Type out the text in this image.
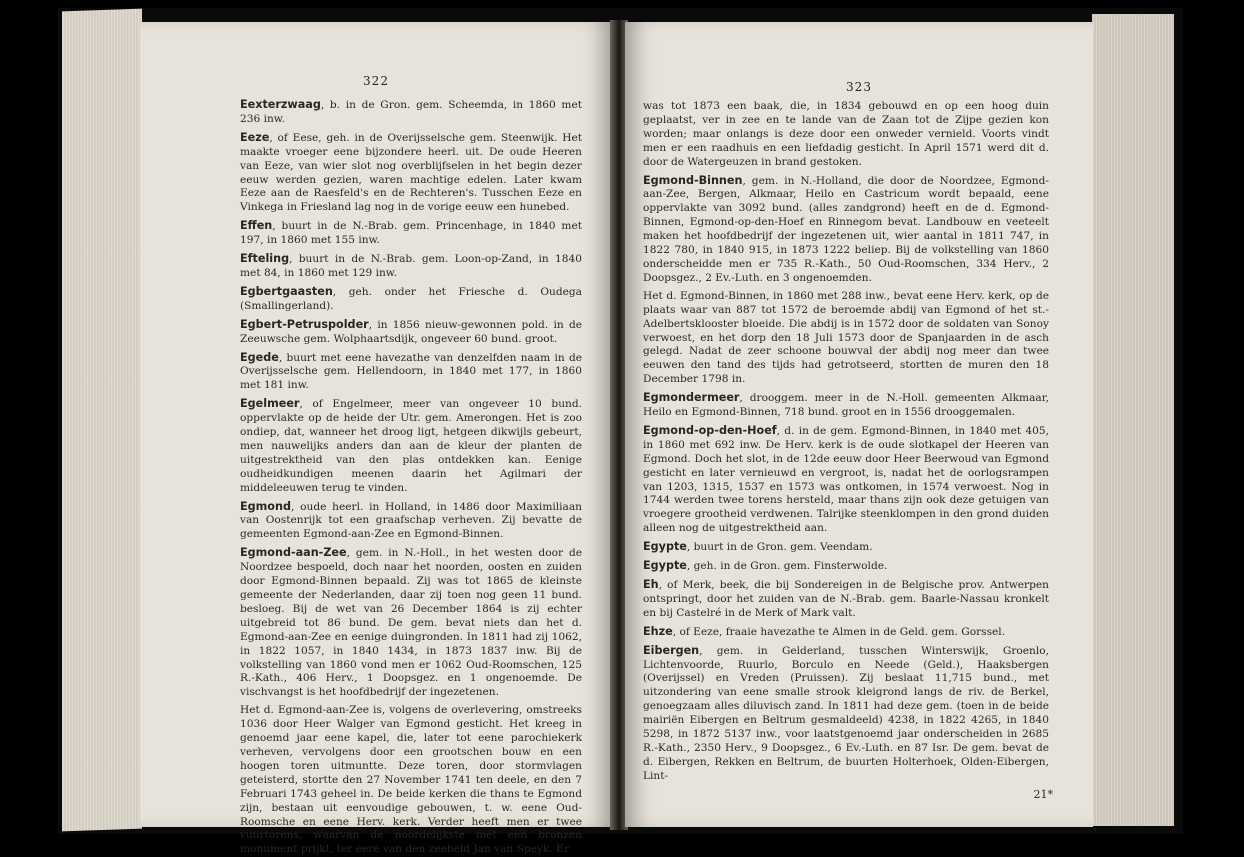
322

Eexterzwaag, b. in de Gron. gem. Scheemda, in 1860 met 236 inw.

Eeze, of Eese, geh. in de Overijsselsche gem. Steenwijk. Het maakte vroeger eene bijzondere heerl. uit. De oude Heeren van Eeze, van wier slot nog overblijfselen in het begin dezer eeuw werden gezien, waren machtige edelen. Later kwam Eeze aan de Raesfeld's en de Rechteren's. Tusschen Eeze en Vinkega in Friesland lag nog in de vorige eeuw een hunebed.

Effen, buurt in de N.-Brab. gem. Princenhage, in 1840 met 197, in 1860 met 155 inw.

Efteling, buurt in de N.-Brab. gem. Loon-op-Zand, in 1840 met 84, in 1860 met 129 inw.

Egbertgaasten, geh. onder het Friesche d. Oudega (Smallingerland).

Egbert-Petruspolder, in 1856 nieuw-gewonnen pold. in de Zeeuwsche gem. Wolphaartsdijk, ongeveer 60 bund. groot.

Egede, buurt met eene havezathe van denzelfden naam in de Overijsselsche gem. Hellendoorn, in 1840 met 177, in 1860 met 181 inw.

Egelmeer, of Engelmeer, meer van ongeveer 10 bund. oppervlakte op de heide der Utr. gem. Amerongen. Het is zoo ondiep, dat, wanneer het droog ligt, hetgeen dikwijls gebeurt, men nauwelijks anders dan aan de kleur der planten de uitgestrektheid van den plas ontdekken kan. Eenige oudheidkundigen meenen daarin het Agilmari der middeleeuwen terug te vinden.

Egmond, oude heerl. in Holland, in 1486 door Maximiliaan van Oostenrijk tot een graafschap verheven. Zij bevatte de gemeenten Egmond-aan-Zee en Egmond-Binnen.

Egmond-aan-Zee, gem. in N.-Holl., in het westen door de Noordzee bespoeld, doch naar het noorden, oosten en zuiden door Egmond-Binnen bepaald. Zij was tot 1865 de kleinste gemeente der Nederlanden, daar zij toen nog geen 11 bund. besloeg. Bij de wet van 26 December 1864 is zij echter uitgebreid tot 86 bund. De gem. bevat niets dan het d. Egmond-aan-Zee en eenige duingronden. In 1811 had zij 1062, in 1822 1057, in 1840 1434, in 1873 1837 inw. Bij de volkstelling van 1860 vond men er 1062 Oud-Roomschen, 125 R.-Kath., 406 Herv., 1 Doopsgez. en 1 ongenoemde. De vischvangst is het hoofdbedrijf der ingezetenen.

Het d. Egmond-aan-Zee is, volgens de overlevering, omstreeks 1036 door Heer Walger van Egmond gesticht. Het kreeg in genoemd jaar eene kapel, die, later tot eene parochiekerk verheven, vervolgens door een grootschen bouw en een hoogen toren uitmuntte. Deze toren, door stormvlagen geteisterd, stortte den 27 November 1741 ten deele, en den 7 Februari 1743 geheel in. De beide kerken die thans te Egmond zijn, bestaan uit eenvoudige gebouwen, t. w. eene Oud-Roomsche en eene Herv. kerk. Verder heeft men er twee vuurtorens, waarvan de noordelijkste met een bronzen monument prijkt, ter eere van den zeeheld Jan van Speyk. Er

323

was tot 1873 een baak, die, in 1834 gebouwd en op een hoog duin geplaatst, ver in zee en te lande van de Zaan tot de Zijpe gezien kon worden; maar onlangs is deze door een onweder vernield. Voorts vindt men er een raadhuis en een liefdadig gesticht. In April 1571 werd dit d. door de Watergeuzen in brand gestoken.

Egmond-Binnen, gem. in N.-Holland, die door de Noordzee, Egmond-aan-Zee, Bergen, Alkmaar, Heilo en Castricum wordt bepaald, eene oppervlakte van 3092 bund. (alles zandgrond) heeft en de d. Egmond-Binnen, Egmond-op-den-Hoef en Rinnegom bevat. Landbouw en veeteelt maken het hoofdbedrijf der ingezetenen uit, wier aantal in 1811 747, in 1822 780, in 1840 915, in 1873 1222 beliep. Bij de volkstelling van 1860 onderscheidde men er 735 R.-Kath., 50 Oud-Roomschen, 334 Herv., 2 Doopsgez., 2 Ev.-Luth. en 3 ongenoemden.

Het d. Egmond-Binnen, in 1860 met 288 inw., bevat eene Herv. kerk, op de plaats waar van 887 tot 1572 de beroemde abdij van Egmond of het st.-Adelbertsklooster bloeide. Die abdij is in 1572 door de soldaten van Sonoy verwoest, en het dorp den 18 Juli 1573 door de Spanjaarden in de asch gelegd. Nadat de zeer schoone bouwval der abdij nog meer dan twee eeuwen den tand des tijds had getrotseerd, stortten de muren den 18 December 1798 in.

Egmondermeer, drooggem. meer in de N.-Holl. gemeenten Alkmaar, Heilo en Egmond-Binnen, 718 bund. groot en in 1556 drooggemalen.

Egmond-op-den-Hoef, d. in de gem. Egmond-Binnen, in 1840 met 405, in 1860 met 692 inw. De Herv. kerk is de oude slotkapel der Heeren van Egmond. Doch het slot, in de 12de eeuw door Heer Beerwoud van Egmond gesticht en later vernieuwd en vergroot, is, nadat het de oorlogsrampen van 1203, 1315, 1537 en 1573 was ontkomen, in 1574 verwoest. Nog in 1744 werden twee torens hersteld, maar thans zijn ook deze getuigen van vroegere grootheid verdwenen. Talrijke steenklompen in den grond duiden alleen nog de uitgestrektheid aan.

Egypte, buurt in de Gron. gem. Veendam.

Egypte, geh. in de Gron. gem. Finsterwolde.

Eh, of Merk, beek, die bij Sondereigen in de Belgische prov. Antwerpen ontspringt, door het zuiden van de N.-Brab. gem. Baarle-Nassau kronkelt en bij Castelré in de Merk of Mark valt.

Ehze, of Eeze, fraaie havezathe te Almen in de Geld. gem. Gorssel.

Eibergen, gem. in Gelderland, tusschen Winterswijk, Groenlo, Lichtenvoorde, Ruurlo, Borculo en Neede (Geld.), Haaksbergen (Overijssel) en Vreden (Pruissen). Zij beslaat 11,715 bund., met uitzondering van eene smalle strook kleigrond langs de riv. de Berkel, genoegzaam alles diluvisch zand. In 1811 had deze gem. (toen in de beide mairiën Eibergen en Beltrum gesmaldeeld) 4238, in 1822 4265, in 1840 5298, in 1872 5137 inw., voor laatstgenoemd jaar onderscheiden in 2685 R.-Kath., 2350 Herv., 9 Doopsgez., 6 Ev.-Luth. en 87 Isr. De gem. bevat de d. Eibergen, Rekken en Beltrum, de buurten Holterhoek, Olden-Eibergen, Lint-

21*
